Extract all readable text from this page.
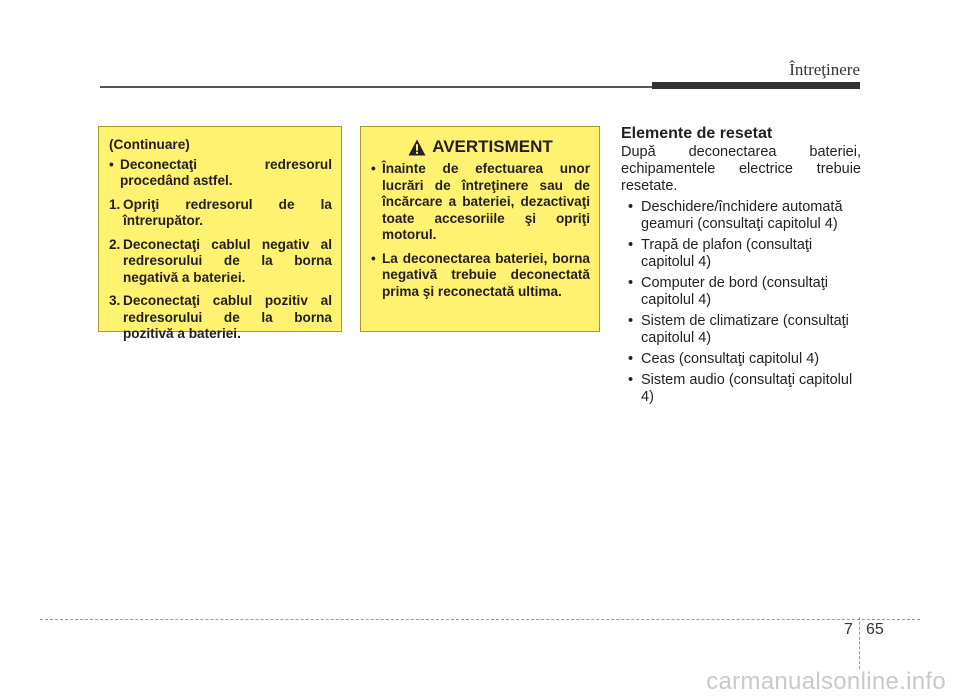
Întreţinere

(Continuare)

• Deconectaţi redresorul procedând astfel.
1. Opriţi redresorul de la întrerupător.
2. Deconectaţi cablul negativ al redresorului de la borna negativă a bateriei.
3. Deconectaţi cablul pozitiv al redresorului de la borna pozitivă a bateriei.
AVERTISMENT
• Înainte de efectuarea unor lucrări de întreţinere sau de încărcare a bateriei, dezactivaţi toate accesoriile şi opriţi motorul.
• La deconectarea bateriei, borna negativă trebuie deconectată prima şi reconectată ultima.

Elemente de resetat

După deconectarea bateriei, echipamentele electrice trebuie resetate.

• Deschidere/închidere automată geamuri (consultaţi capitolul 4)
• Trapă de plafon (consultaţi capitolul 4)
• Computer de bord (consultaţi capitolul 4)
• Sistem de climatizare (consultaţi capitolul 4)
• Ceas (consultaţi capitolul 4)
• Sistem audio (consultaţi capitolul 4)
7 65
carmanualsonline.info
